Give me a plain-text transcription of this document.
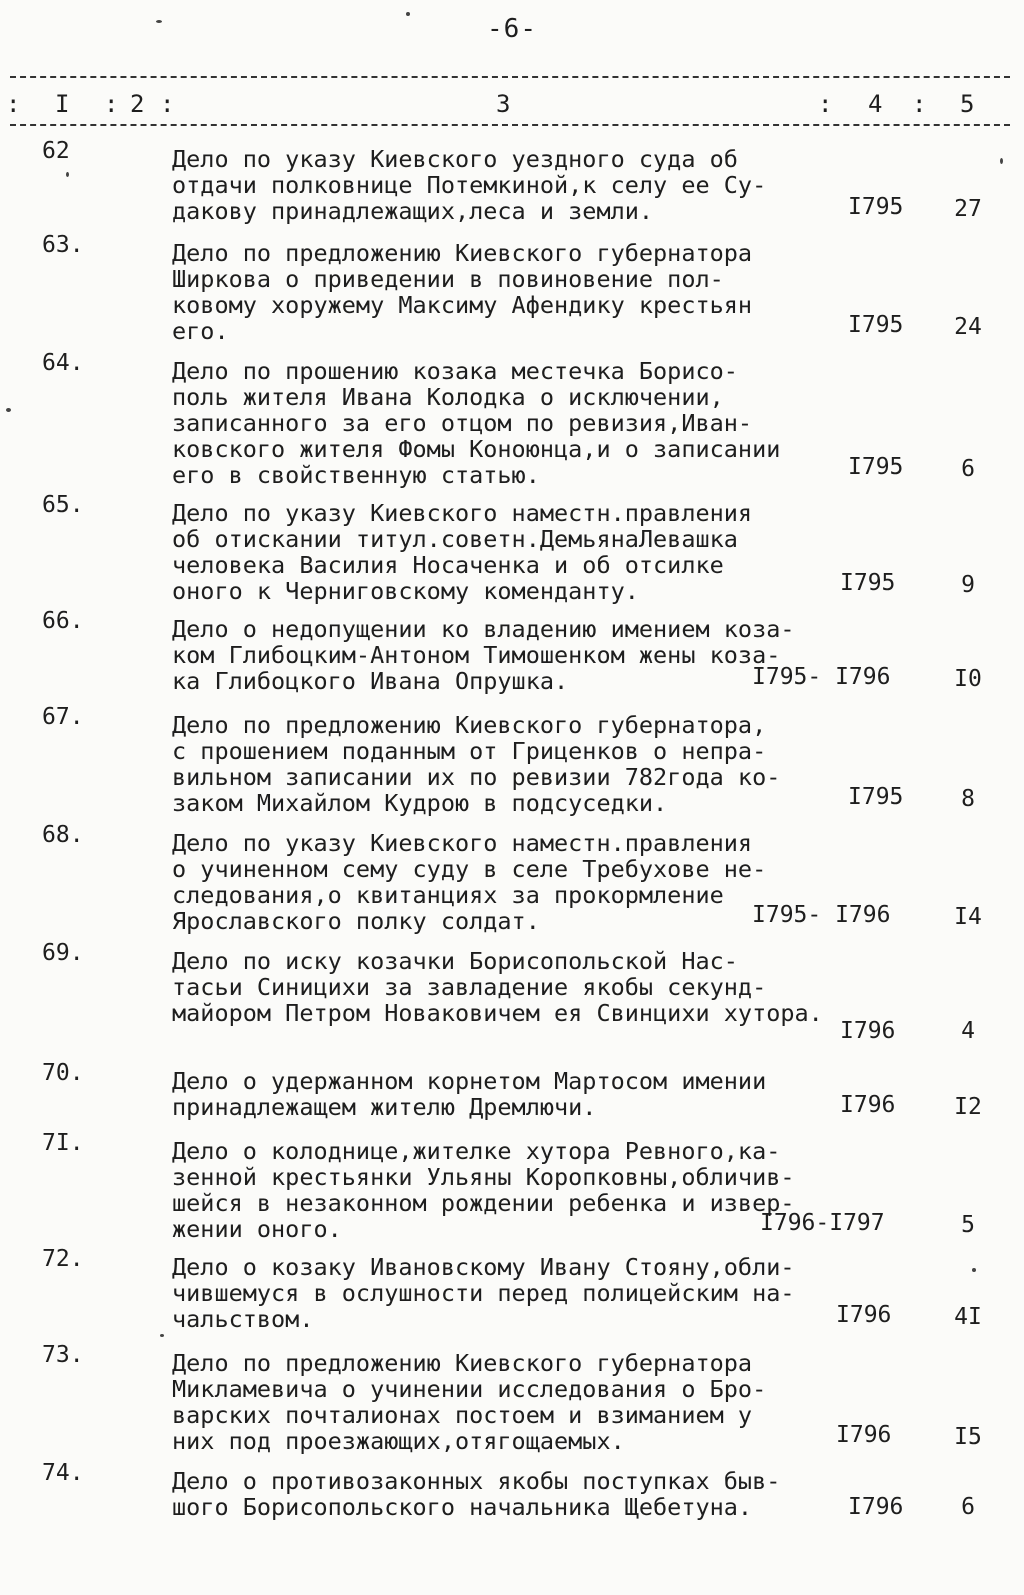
-6-
: I : 2 :	3	: 4 : 5
62	Дело по указу Киевского уездного суда об
отдачи полковнице Потемкиной,к селу ее Су-
дакову принадлежащих,леса и земли.	I795	27
63.	Дело по предложению Киевского губернатора
Ширкова о приведении в повиновение пол-
ковому хоружему Максиму Афендику крестьян
его.	I795	24
64.	Дело по прошению козака местечка Борисо-
поль жителя Ивана Колодка о исключении,
записанного за его отцом по ревизия,Иван-
ковского жителя Фомы Коноюнца,и о записании
его в свойственную статью.	I795	6
65.	Дело по указу Киевского наместн.правления
об отискании титул.советн.ДемьянаЛевашка
человека Василия Носаченка и об отсилке
оного к Черниговскому коменданту.	I795	9
66.	Дело о недопущении ко владению имением коза-
ком Глибоцким-Антоном Тимошенком жены коза-
ка Глибоцкого Ивана Опрушка.	I795- I796	I0
67.	Дело по предложению Киевского губернатора,
с прошением поданным от Гриценков о непра-
вильном записании их по ревизии 782года ко-
заком Михайлом Кудрою в подсуседки.	I795	8
68.	Дело по указу Киевского наместн.правления
о учиненном сему суду в селе Требухове не-
следования,о квитанциях за прокормление
Ярославского полку солдат.	I795- I796	I4
69.	Дело по иску козачки Борисопольской Нас-
тасьи Синицихи за завладение якобы секунд-
майором Петром Новаковичем ея Свинцихи хутора.
I796	4
70.	Дело о удержанном корнетом Мартосом имении
принадлежащем жителю Дремлючи.	I796	I2
7I.	Дело о колоднице,жителке хутора Ревного,ка-
зенной крестьянки Ульяны Коропковны,обличив-
шейся в незаконном рождении ребенка и извер-
жении оного.	I796-I797	5
72.	Дело о козаку Ивановскому Ивану Стояну,обли-
чившемуся в ослушности перед полицейским на-
чальством.	I796	4I
73.	Дело по предложению Киевского губернатора
Микламевича о учинении исследования о Бро-
варских почталионах постоем и взиманием у
них под проезжающих,отягощаемых.	I796	I5
74.	Дело о противозаконных якобы поступках быв-
шого Борисопольского начальника Щебетуна.	I796	6
